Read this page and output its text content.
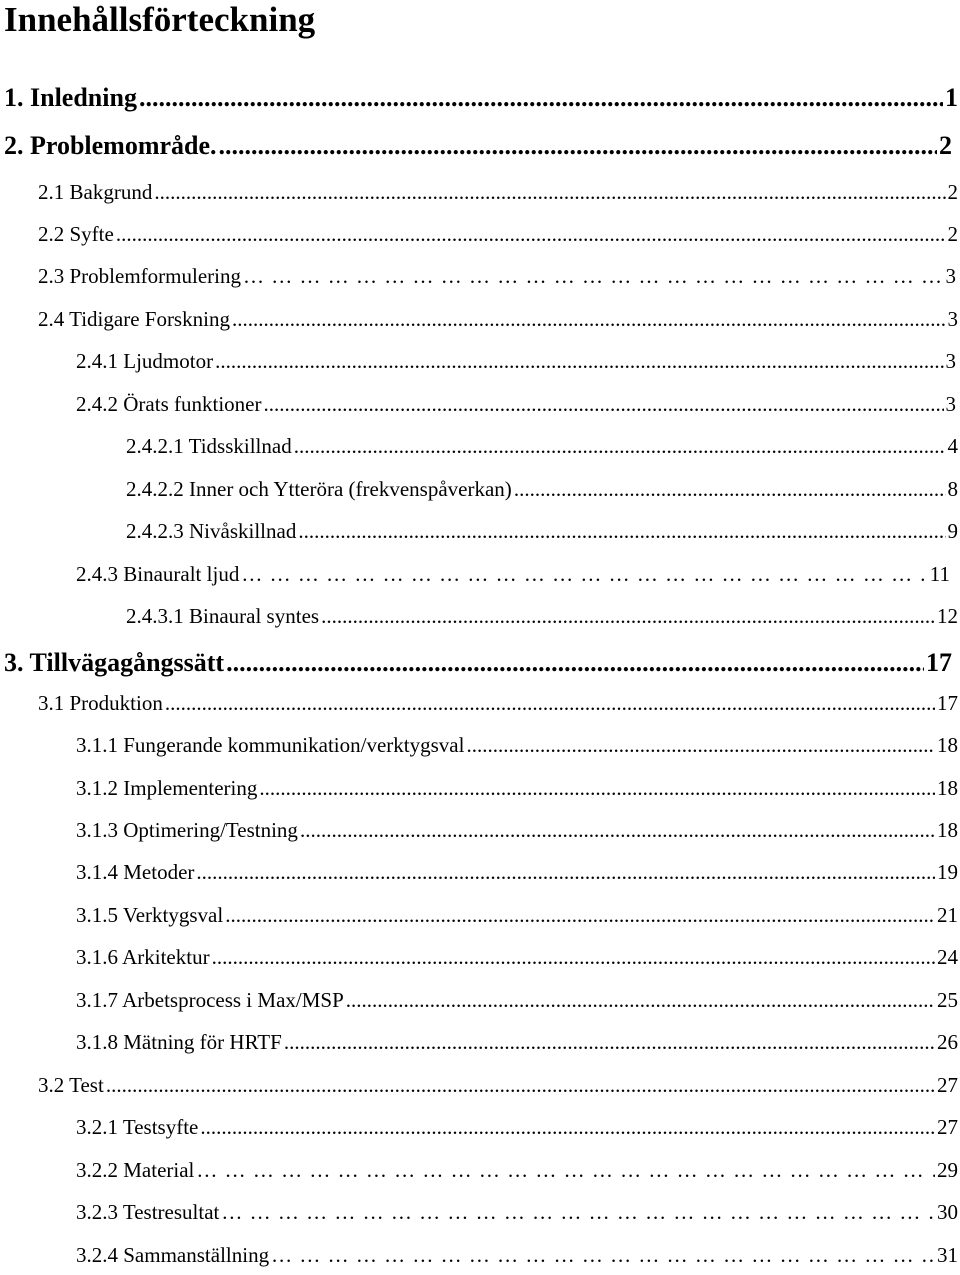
Innehållsförteckning
1. Inledning .....	1
2. Problemområde. .....	2
2.1 Bakgrund .....	2
2.2 Syfte .....	2
2.3 Problemformulering … … … … … … … … … … … … … … … … … … … … … … … … … … … … … … … … … … … … … … … … …	3
2.4 Tidigare Forskning .....	3
2.4.1 Ljudmotor .....	3
2.4.2 Örats funktioner .....	3
2.4.2.1 Tidsskillnad .....	4
2.4.2.2 Inner och Ytteröra (frekvenspåverkan) .....	8
2.4.2.3 Nivåskillnad .....	9
2.4.3 Binauralt ljud … … … … … … … … … … … … … … … … … … … … … … … … … … … … … … … … … … … … … … … … …	11
2.4.3.1 Binaural syntes .....	12
3. Tillvägagångssätt .....	17
3.1 Produktion .....	17
3.1.1 Fungerande kommunikation/verktygsval .....	18
3.1.2 Implementering .....	18
3.1.3 Optimering/Testning .....	18
3.1.4 Metoder .....	19
3.1.5 Verktygsval .....	21
3.1.6 Arkitektur .....	24
3.1.7 Arbetsprocess i Max/MSP .....	25
3.1.8 Mätning för HRTF .....	26
3.2 Test .....	27
3.2.1 Testsyfte .....	27
3.2.2 Material … … … … … … … … … … … … … … … … … … … … … … … … … … … … … … … … … … … … … … … … …	29
3.2.3 Testresultat … … … … … … … … … … … … … … … … … … … … … … … … … … … … … … … … … … … … … … … … …	30
3.2.4 Sammanställning … … … … … … … … … … … … … … … … … … … … … … … … … … … … … … … … … … … … … … … … …	31
